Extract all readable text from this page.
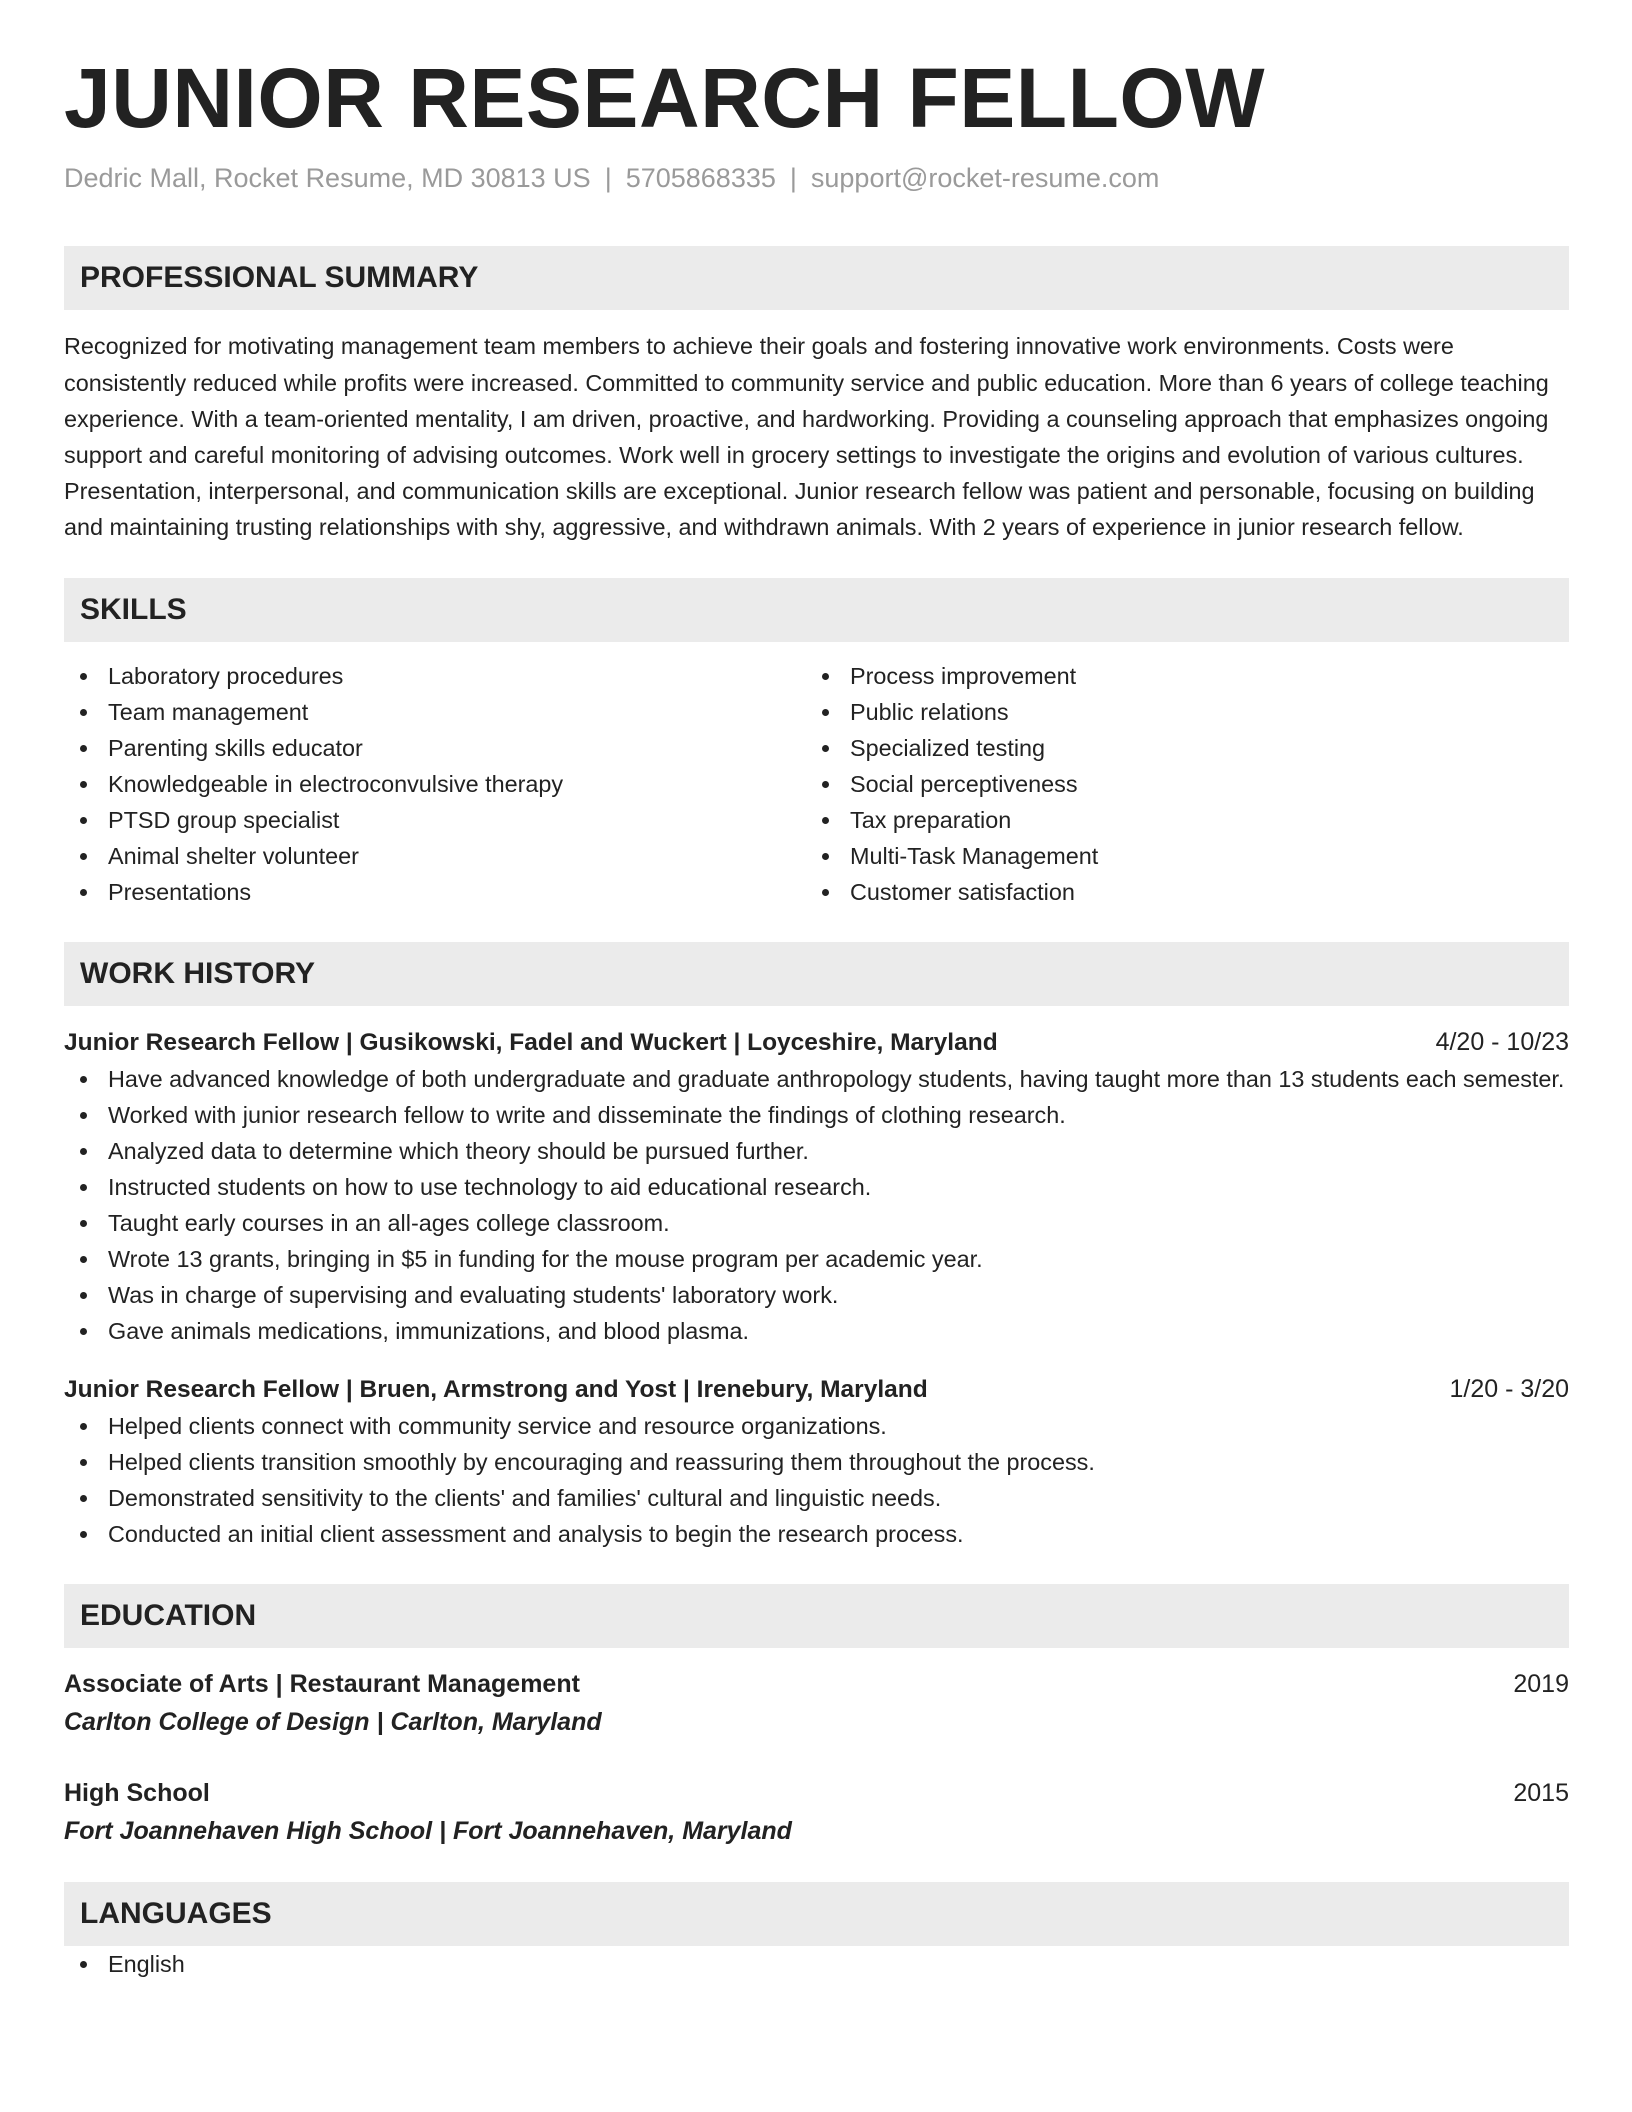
JUNIOR RESEARCH FELLOW
Dedric Mall, Rocket Resume, MD 30813 US | 5705868335 | support@rocket-resume.com
PROFESSIONAL SUMMARY
Recognized for motivating management team members to achieve their goals and fostering innovative work environments. Costs were consistently reduced while profits were increased. Committed to community service and public education. More than 6 years of college teaching experience. With a team-oriented mentality, I am driven, proactive, and hardworking. Providing a counseling approach that emphasizes ongoing support and careful monitoring of advising outcomes. Work well in grocery settings to investigate the origins and evolution of various cultures. Presentation, interpersonal, and communication skills are exceptional. Junior research fellow was patient and personable, focusing on building and maintaining trusting relationships with shy, aggressive, and withdrawn animals. With 2 years of experience in junior research fellow.
SKILLS
Laboratory procedures
Team management
Parenting skills educator
Knowledgeable in electroconvulsive therapy
PTSD group specialist
Animal shelter volunteer
Presentations
Process improvement
Public relations
Specialized testing
Social perceptiveness
Tax preparation
Multi-Task Management
Customer satisfaction
WORK HISTORY
Junior Research Fellow | Gusikowski, Fadel and Wuckert | Loyceshire, Maryland	4/20 - 10/23
Have advanced knowledge of both undergraduate and graduate anthropology students, having taught more than 13 students each semester.
Worked with junior research fellow to write and disseminate the findings of clothing research.
Analyzed data to determine which theory should be pursued further.
Instructed students on how to use technology to aid educational research.
Taught early courses in an all-ages college classroom.
Wrote 13 grants, bringing in $5 in funding for the mouse program per academic year.
Was in charge of supervising and evaluating students' laboratory work.
Gave animals medications, immunizations, and blood plasma.
Junior Research Fellow | Bruen, Armstrong and Yost | Irenebury, Maryland	1/20 - 3/20
Helped clients connect with community service and resource organizations.
Helped clients transition smoothly by encouraging and reassuring them throughout the process.
Demonstrated sensitivity to the clients' and families' cultural and linguistic needs.
Conducted an initial client assessment and analysis to begin the research process.
EDUCATION
Associate of Arts | Restaurant Management	2019
Carlton College of Design | Carlton, Maryland
High School	2015
Fort Joannehaven High School | Fort Joannehaven, Maryland
LANGUAGES
English
